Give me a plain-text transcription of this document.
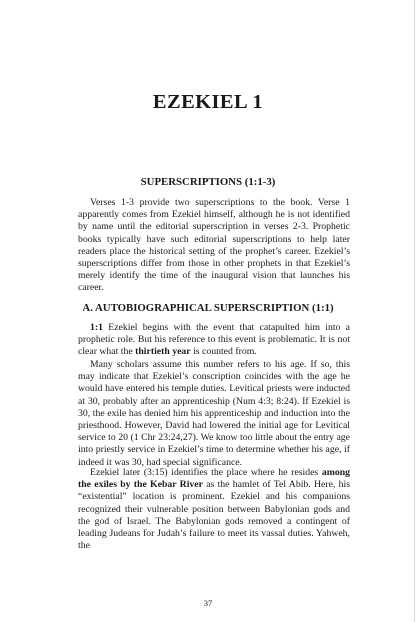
EZEKIEL 1
SUPERSCRIPTIONS (1:1-3)

Verses 1-3 provide two superscriptions to the book. Verse 1 apparently comes from Ezekiel himself, although he is not identified by name until the editorial superscription in verses 2-3. Prophetic books typically have such editorial superscriptions to help later readers place the historical setting of the prophet’s career. Ezekiel’s superscriptions differ from those in other prophets in that Ezekiel’s merely identify the time of the inaugural vision that launches his career.

A. AUTOBIOGRAPHICAL SUPERSCRIPTION (1:1)

1:1 Ezekiel begins with the event that catapulted him into a prophetic role. But his reference to this event is problematic. It is not clear what the thirtieth year is counted from.

Many scholars assume this number refers to his age. If so, this may indicate that Ezekiel’s conscription coincides with the age he would have entered his temple duties. Levitical priests were inducted at 30, probably after an apprenticeship (Num 4:3; 8:24). If Ezekiel is 30, the exile has denied him his apprenticeship and induction into the priesthood. However, David had lowered the initial age for Levitical service to 20 (1 Chr 23:24,27). We know too little about the entry age into priestly service in Ezekiel’s time to determine whether his age, if indeed it was 30, had special significance.

Ezekiel later (3:15) identifies the place where he resides among the exiles by the Kebar River as the hamlet of Tel Abib. Here, his “existential” location is prominent. Ezekiel and his companions recognized their vulnerable position between Babylonian gods and the god of Israel. The Babylonian gods removed a contingent of leading Judeans for Judah’s failure to meet its vassal duties. Yahweh, the

37
